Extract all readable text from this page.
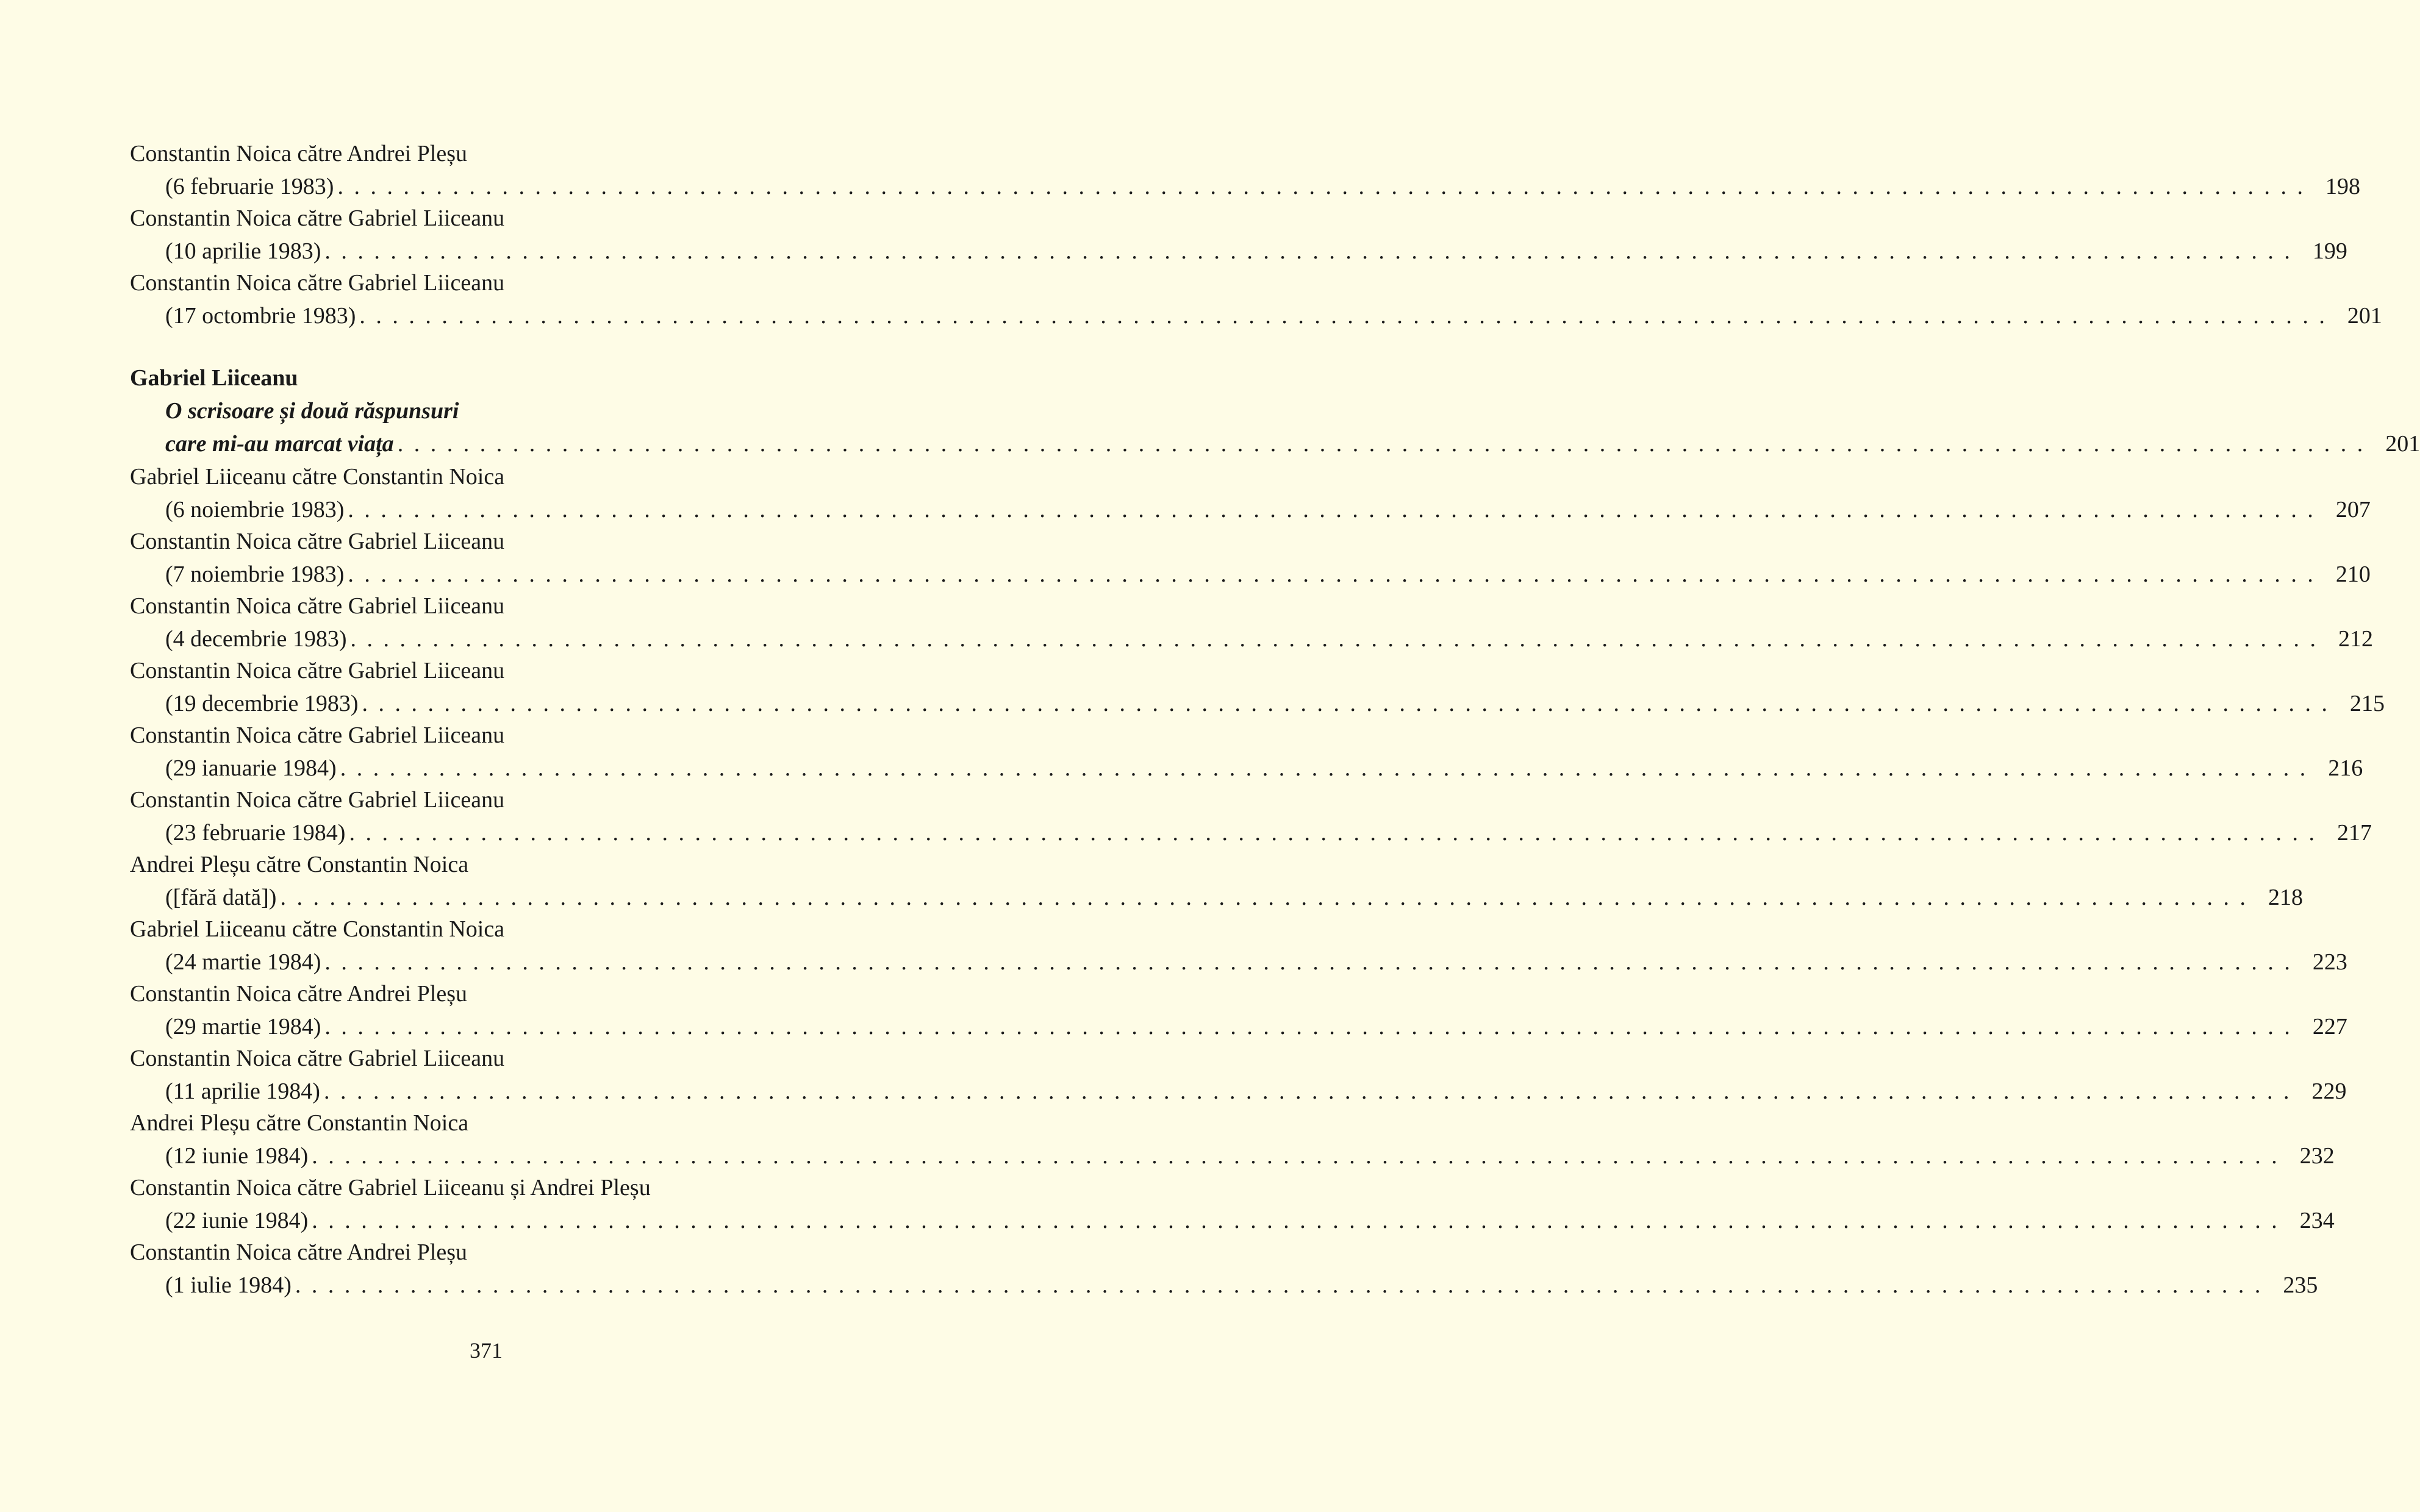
Constantin Noica către Andrei Pleșu
(6 februarie 1983) . . . . . . . . . . . . . . . . . . . . . . . . . . . . . . . . . . . . . . . . . . . . . . . . . . . . . . . . . . . . . . . . . . . . . . . . . . . . . . . . . . . . . . . . . . . . . . . . . . . . . . . . . . . . . . . . . . . . . . . . 198
Constantin Noica către Gabriel Liiceanu
(10 aprilie 1983) . . . . . . . . . . . . . . . . . . . . . . . . . . . . . . . . . . . . . . . . . . . . . . . . . . . . . . . . . . . . . . . . . . . . . . . . . . . . . . . . . . . . . . . . . . . . . . . . . . . . . . . . . . . . . . . . . . . . . . . . 199
Constantin Noica către Gabriel Liiceanu
(17 octombrie 1983) . . . . . . . . . . . . . . . . . . . . . . . . . . . . . . . . . . . . . . . . . . . . . . . . . . . . . . . . . . . . . . . . . . . . . . . . . . . . . . . . . . . . . . . . . . . . . . . . . . . . . . . . . . . . . . . . . . . . . . . . 201
Gabriel Liiceanu
O scrisoare și două răspunsuri
care mi-au marcat viața . . . . . . . . . . . . . . . . . . . . . . . . . . . . . . . . . . . . . . . . . . . . . . . . . . . . . . . . . . . . . . . . . . . . . . . . . . . . . . . . . . . . . . . . . . . . . . . . . . . . . . . . . . . . . . . . . . . . . . . . 201
Gabriel Liiceanu către Constantin Noica
(6 noiembrie 1983) . . . . . . . . . . . . . . . . . . . . . . . . . . . . . . . . . . . . . . . . . . . . . . . . . . . . . . . . . . . . . . . . . . . . . . . . . . . . . . . . . . . . . . . . . . . . . . . . . . . . . . . . . . . . . . . . . . . . . . . . 207
Constantin Noica către Gabriel Liiceanu
(7 noiembrie 1983) . . . . . . . . . . . . . . . . . . . . . . . . . . . . . . . . . . . . . . . . . . . . . . . . . . . . . . . . . . . . . . . . . . . . . . . . . . . . . . . . . . . . . . . . . . . . . . . . . . . . . . . . . . . . . . . . . . . . . . . . 210
Constantin Noica către Gabriel Liiceanu
(4 decembrie 1983) . . . . . . . . . . . . . . . . . . . . . . . . . . . . . . . . . . . . . . . . . . . . . . . . . . . . . . . . . . . . . . . . . . . . . . . . . . . . . . . . . . . . . . . . . . . . . . . . . . . . . . . . . . . . . . . . . . . . . . . . 212
Constantin Noica către Gabriel Liiceanu
(19 decembrie 1983) . . . . . . . . . . . . . . . . . . . . . . . . . . . . . . . . . . . . . . . . . . . . . . . . . . . . . . . . . . . . . . . . . . . . . . . . . . . . . . . . . . . . . . . . . . . . . . . . . . . . . . . . . . . . . . . . . . . . . . . . 215
Constantin Noica către Gabriel Liiceanu
(29 ianuarie 1984) . . . . . . . . . . . . . . . . . . . . . . . . . . . . . . . . . . . . . . . . . . . . . . . . . . . . . . . . . . . . . . . . . . . . . . . . . . . . . . . . . . . . . . . . . . . . . . . . . . . . . . . . . . . . . . . . . . . . . . . . 216
Constantin Noica către Gabriel Liiceanu
(23 februarie 1984) . . . . . . . . . . . . . . . . . . . . . . . . . . . . . . . . . . . . . . . . . . . . . . . . . . . . . . . . . . . . . . . . . . . . . . . . . . . . . . . . . . . . . . . . . . . . . . . . . . . . . . . . . . . . . . . . . . . . . . . . 217
Andrei Pleșu către Constantin Noica
([fără dată]) . . . . . . . . . . . . . . . . . . . . . . . . . . . . . . . . . . . . . . . . . . . . . . . . . . . . . . . . . . . . . . . . . . . . . . . . . . . . . . . . . . . . . . . . . . . . . . . . . . . . . . . . . . . . . . . . . . . . . . . . 218
Gabriel Liiceanu către Constantin Noica
(24 martie 1984) . . . . . . . . . . . . . . . . . . . . . . . . . . . . . . . . . . . . . . . . . . . . . . . . . . . . . . . . . . . . . . . . . . . . . . . . . . . . . . . . . . . . . . . . . . . . . . . . . . . . . . . . . . . . . . . . . . . . . . . . 223
Constantin Noica către Andrei Pleșu
(29 martie 1984) . . . . . . . . . . . . . . . . . . . . . . . . . . . . . . . . . . . . . . . . . . . . . . . . . . . . . . . . . . . . . . . . . . . . . . . . . . . . . . . . . . . . . . . . . . . . . . . . . . . . . . . . . . . . . . . . . . . . . . . . 227
Constantin Noica către Gabriel Liiceanu
(11 aprilie 1984) . . . . . . . . . . . . . . . . . . . . . . . . . . . . . . . . . . . . . . . . . . . . . . . . . . . . . . . . . . . . . . . . . . . . . . . . . . . . . . . . . . . . . . . . . . . . . . . . . . . . . . . . . . . . . . . . . . . . . . . . 229
Andrei Pleșu către Constantin Noica
(12 iunie 1984) . . . . . . . . . . . . . . . . . . . . . . . . . . . . . . . . . . . . . . . . . . . . . . . . . . . . . . . . . . . . . . . . . . . . . . . . . . . . . . . . . . . . . . . . . . . . . . . . . . . . . . . . . . . . . . . . . . . . . . . . 232
Constantin Noica către Gabriel Liiceanu și Andrei Pleșu
(22 iunie 1984) . . . . . . . . . . . . . . . . . . . . . . . . . . . . . . . . . . . . . . . . . . . . . . . . . . . . . . . . . . . . . . . . . . . . . . . . . . . . . . . . . . . . . . . . . . . . . . . . . . . . . . . . . . . . . . . . . . . . . . . . 234
Constantin Noica către Andrei Pleșu
(1 iulie 1984) . . . . . . . . . . . . . . . . . . . . . . . . . . . . . . . . . . . . . . . . . . . . . . . . . . . . . . . . . . . . . . . . . . . . . . . . . . . . . . . . . . . . . . . . . . . . . . . . . . . . . . . . . . . . . . . . . . . . . . . . 235
371
